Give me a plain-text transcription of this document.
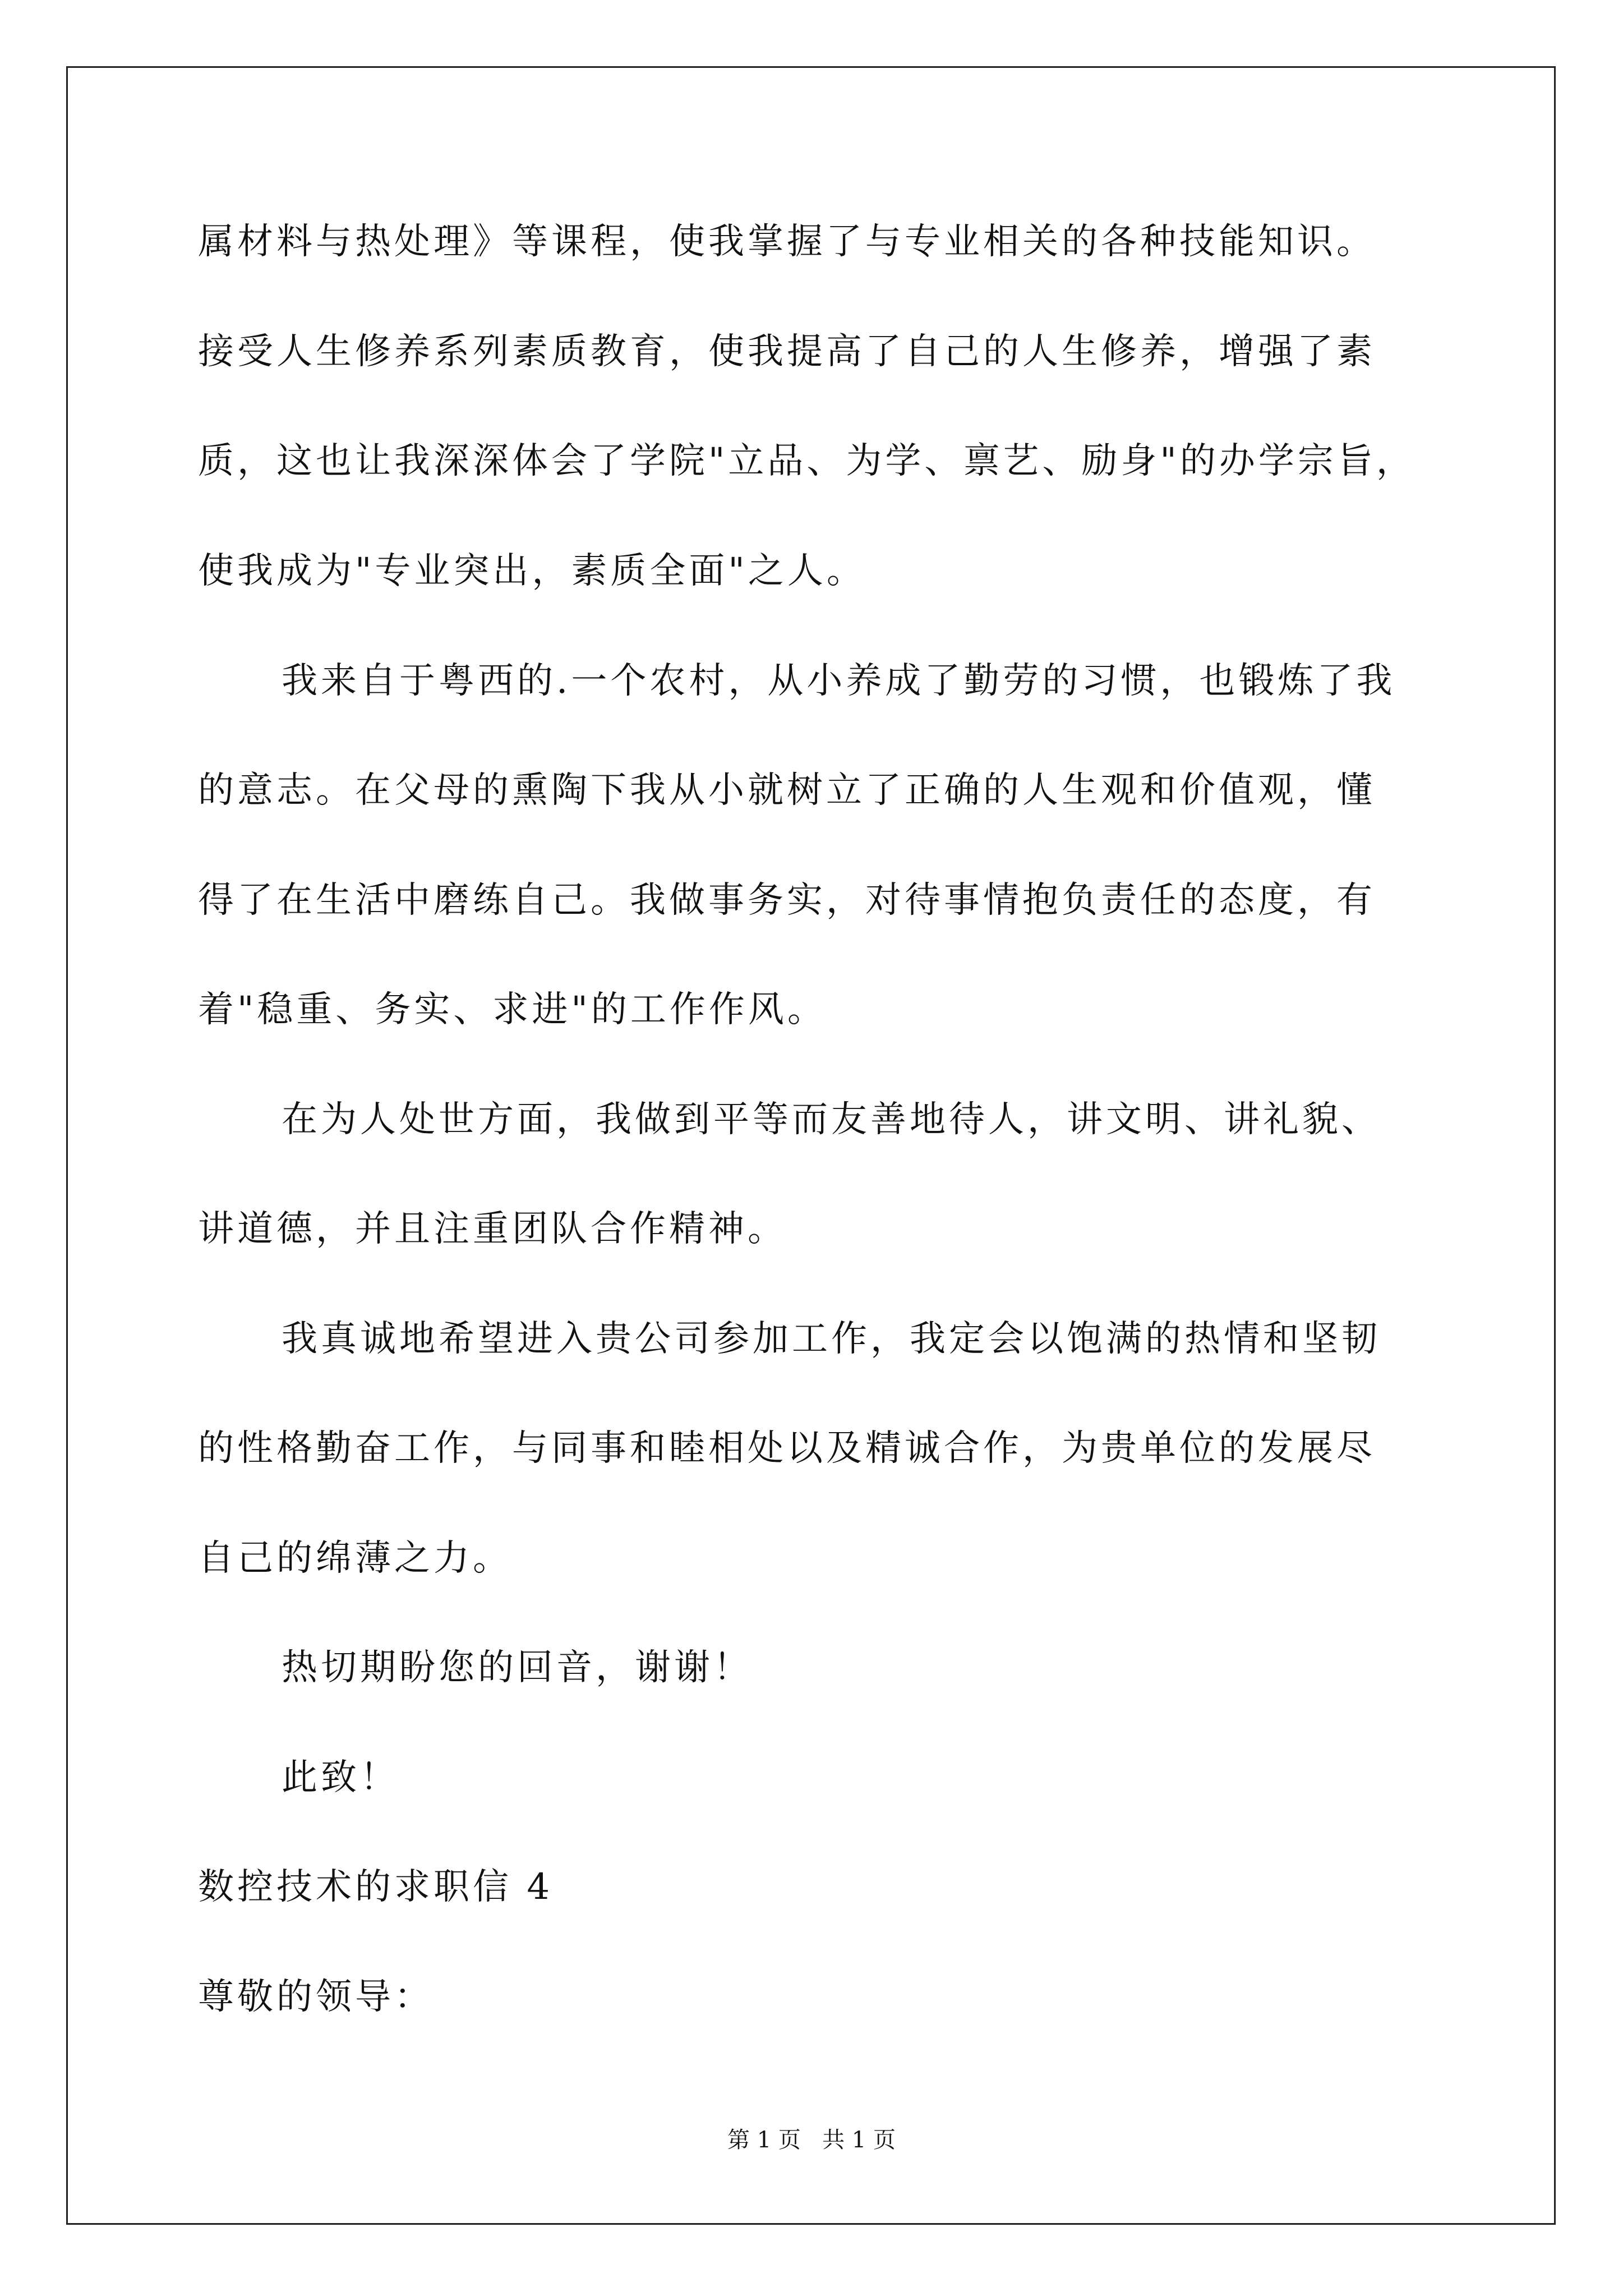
属材料与热处理》等课程，使我掌握了与专业相关的各种技能知识。
接受人生修养系列素质教育，使我提高了自己的人生修养，增强了素
质，这也让我深深体会了学院"立品、为学、禀艺、励身"的办学宗旨，
使我成为"专业突出，素质全面"之人。
我来自于粤西的.一个农村，从小养成了勤劳的习惯，也锻炼了我
的意志。在父母的熏陶下我从小就树立了正确的人生观和价值观，懂
得了在生活中磨练自己。我做事务实，对待事情抱负责任的态度，有
着"稳重、务实、求进"的工作作风。
在为人处世方面，我做到平等而友善地待人，讲文明、讲礼貌、
讲道德，并且注重团队合作精神。
我真诚地希望进入贵公司参加工作，我定会以饱满的热情和坚韧
的性格勤奋工作，与同事和睦相处以及精诚合作，为贵单位的发展尽
自己的绵薄之力。
热切期盼您的回音，谢谢！
此致！
数控技术的求职信 4
尊敬的领导：
第 1 页   共 1 页
